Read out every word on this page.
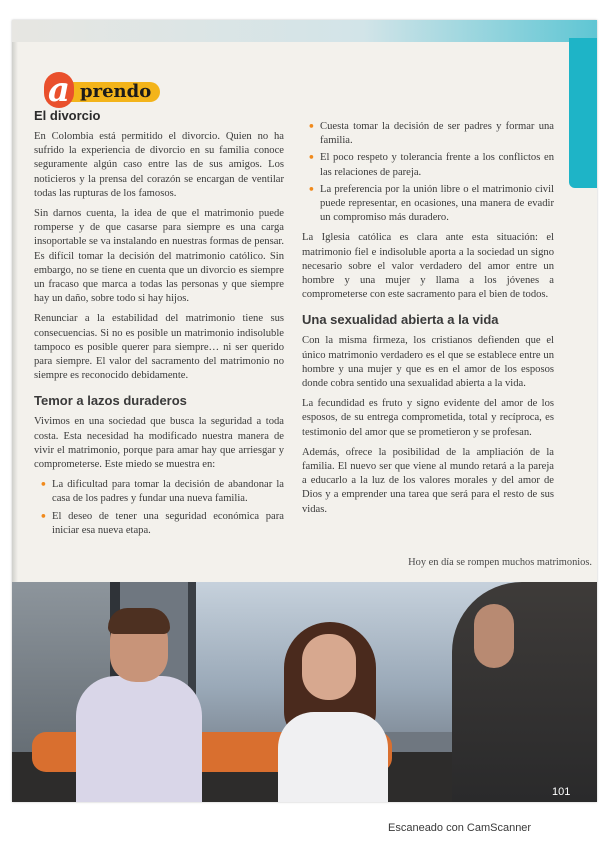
a prendo
El divorcio

En Colombia está permitido el divorcio. Quien no ha sufrido la experiencia de divorcio en su familia conoce seguramente algún caso entre las de sus amigos. Los noticieros y la prensa del corazón se encargan de ventilar todas las rupturas de los famosos.

Sin darnos cuenta, la idea de que el matrimonio puede romperse y de que casarse para siempre es una carga insoportable se va instalando en nuestras formas de pensar. Es difícil tomar la decisión del matrimonio católico. Sin embargo, no se tiene en cuenta que un divorcio es siempre un fracaso que marca a todas las personas y que siempre hay un daño, sobre todo si hay hijos.

Renunciar a la estabilidad del matrimonio tiene sus consecuencias. Si no es posible un matrimonio indisoluble tampoco es posible querer para siempre… ni ser querido para siempre. El valor del sacramento del matrimonio no siempre es reconocido debidamente.

Temor a lazos duraderos

Vivimos en una sociedad que busca la seguridad a toda costa. Esta necesidad ha modificado nuestra manera de vivir el matrimonio, porque para amar hay que arriesgar y comprometerse. Este miedo se muestra en:

• La dificultad para tomar la decisión de abandonar la casa de los padres y fundar una nueva familia.
• El deseo de tener una seguridad económica para iniciar esa nueva etapa.
• Cuesta tomar la decisión de ser padres y formar una familia.
• El poco respeto y tolerancia frente a los conflictos en las relaciones de pareja.
• La preferencia por la unión libre o el matrimonio civil puede representar, en ocasiones, una manera de evadir un compromiso más duradero.

La Iglesia católica es clara ante esta situación: el matrimonio fiel e indisoluble aporta a la sociedad un signo necesario sobre el valor verdadero del amor entre un hombre y una mujer y llama a los jóvenes a comprometerse con este sacramento para el bien de todos.

Una sexualidad abierta a la vida

Con la misma firmeza, los cristianos defienden que el único matrimonio verdadero es el que se establece entre un hombre y una mujer y que es en el amor de los esposos donde cobra sentido una sexualidad abierta a la vida.

La fecundidad es fruto y signo evidente del amor de los esposos, de su entrega comprometida, total y recíproca, es testimonio del amor que se prometieron y se profesan.

Además, ofrece la posibilidad de la ampliación de la familia. El nuevo ser que viene al mundo retará a la pareja a educarlo a la luz de los valores morales y del amor de Dios y a emprender una tarea que será para el resto de sus vidas.

Hoy en día se rompen muchos matrimonios.
101
Escaneado con CamScanner
